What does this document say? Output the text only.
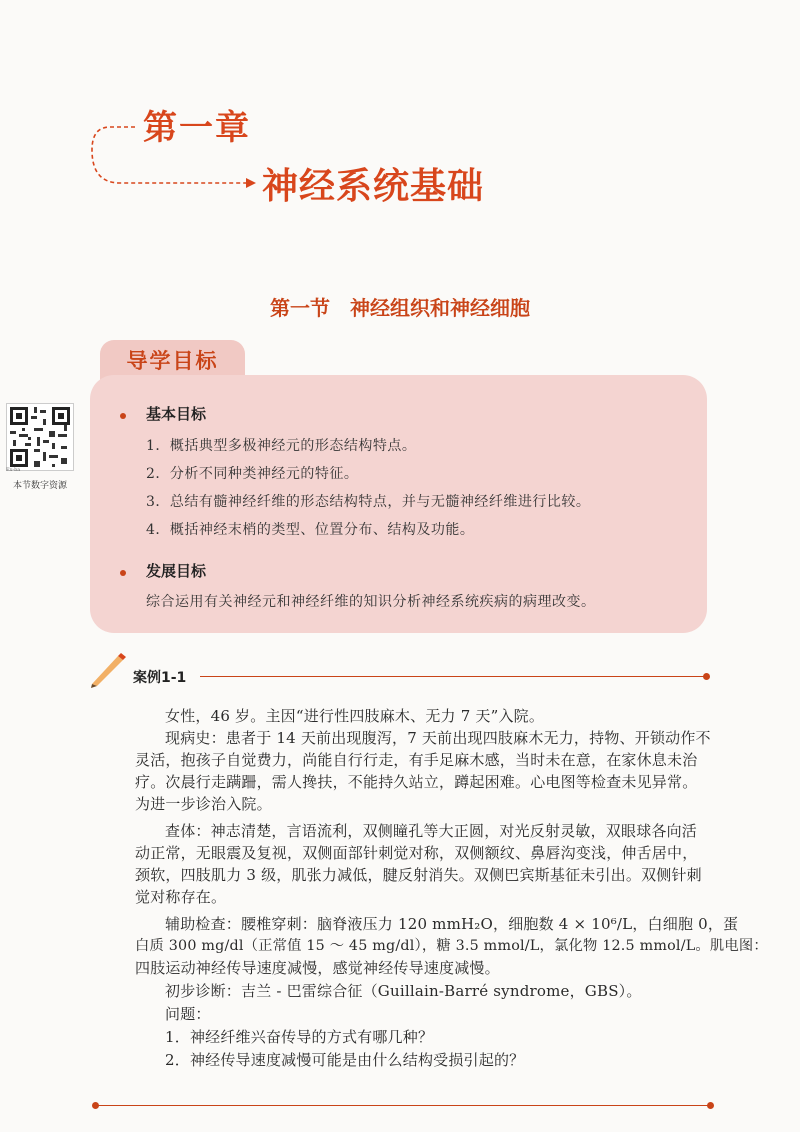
第一章
神经系统基础
第一节　神经组织和神经细胞
导学目标
基本目标
1．概括典型多极神经元的形态结构特点。
2．分析不同种类神经元的特征。
3．总结有髓神经纤维的形态结构特点，并与无髓神经纤维进行比较。
4．概括神经末梢的类型、位置分布、结构及功能。
发展目标
综合运用有关神经元和神经纤维的知识分析神经系统疾病的病理改变。
Ex-ba
本节数字资源
案例1-1
女性，46 岁。主因“进行性四肢麻木、无力 7 天”入院。
现病史：患者于 14 天前出现腹泻，7 天前出现四肢麻木无力，持物、开锁动作不
灵活，抱孩子自觉费力，尚能自行行走，有手足麻木感，当时未在意，在家休息未治
疗。次晨行走蹒跚，需人搀扶，不能持久站立，蹲起困难。心电图等检查未见异常。
为进一步诊治入院。
查体：神志清楚，言语流利，双侧瞳孔等大正圆，对光反射灵敏，双眼球各向活
动正常，无眼震及复视，双侧面部针刺觉对称，双侧额纹、鼻唇沟变浅，伸舌居中，
颈软，四肢肌力 3 级，肌张力减低，腱反射消失。双侧巴宾斯基征未引出。双侧针刺
觉对称存在。
辅助检查：腰椎穿刺：脑脊液压力 120 mmH₂O，细胞数 4 × 10⁶/L，白细胞 0，蛋
白质 300 mg/dl（正常值 15 ～ 45 mg/dl），糖 3.5 mmol/L，氯化物 12.5 mmol/L。肌电图：
四肢运动神经传导速度减慢，感觉神经传导速度减慢。
初步诊断：吉兰 - 巴雷综合征（Guillain-Barré syndrome，GBS）。
问题：
1．神经纤维兴奋传导的方式有哪几种？
2．神经传导速度减慢可能是由什么结构受损引起的？
